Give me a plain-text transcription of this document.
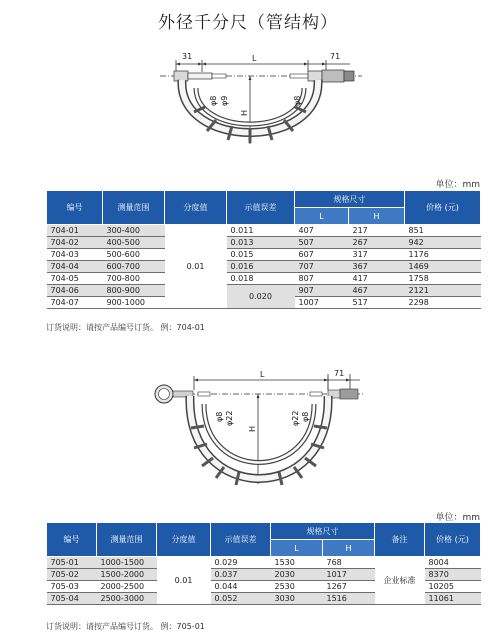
外径千分尺（管结构）
31	L	71
H
φ8 φ9	φ8
单位：mm
编号	测量范围	分度值	示值误差	规格尺寸		价格 (元)
				L	H	
704-01	300-400	0.01	0.011	407	217	851
704-02	400-500		0.013	507	267	942
704-03	500-600		0.015	607	317	1176
704-04	600-700		0.016	707	367	1469
704-05	700-800		0.018	807	417	1758
704-06	800-900		0.020	907	467	2121
704-07	900-1000			1007	517	2298
订货说明：请按产品编号订货。 例：704-01
L	71
H
φ8 φ22	φ22 φ8
单位：mm
编号	测量范围	分度值	示值误差	规格尺寸		备注	价格 (元)
				L	H		
705-01	1000-1500	0.01	0.029	1530	768	企业标准	8004
705-02	1500-2000		0.037	2030	1017		8370
705-03	2000-2500		0.044	2530	1267		10205
705-04	2500-3000		0.052	3030	1516		11061
订货说明：请按产品编号订货。 例：705-01
